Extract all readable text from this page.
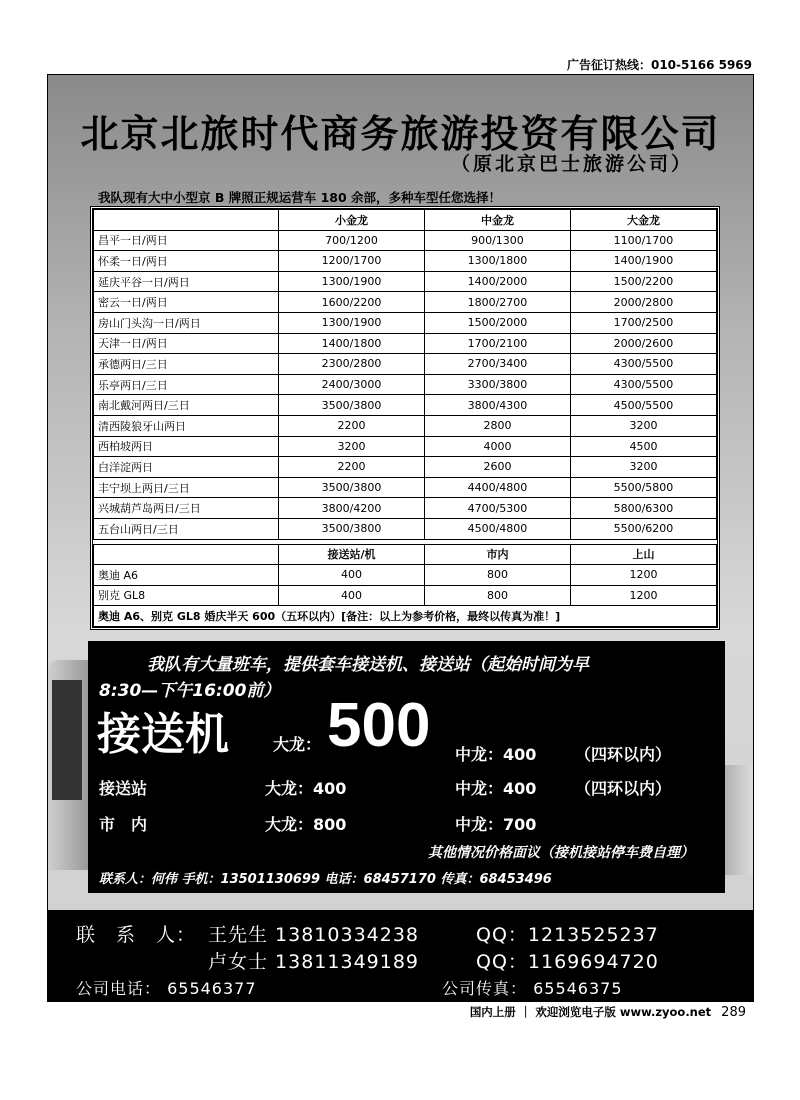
广告征订热线：010-5166 5969
北京北旅时代商务旅游投资有限公司
（原北京巴士旅游公司）
我队现有大中小型京 B 牌照正规运营车 180 余部，多种车型任您选择！
	小金龙	中金龙	大金龙
昌平一日/两日	700/1200	900/1300	1100/1700
怀柔一日/两日	1200/1700	1300/1800	1400/1900
延庆平谷一日/两日	1300/1900	1400/2000	1500/2200
密云一日/两日	1600/2200	1800/2700	2000/2800
房山门头沟一日/两日	1300/1900	1500/2000	1700/2500
天津一日/两日	1400/1800	1700/2100	2000/2600
承德两日/三日	2300/2800	2700/3400	4300/5500
乐亭两日/三日	2400/3000	3300/3800	4300/5500
南北戴河两日/三日	3500/3800	3800/4300	4500/5500
清西陵狼牙山两日	2200	2800	3200
西柏坡两日	3200	4000	4500
白洋淀两日	2200	2600	3200
丰宁坝上两日/三日	3500/3800	4400/4800	5500/5800
兴城葫芦岛两日/三日	3800/4200	4700/5300	5800/6300
五台山两日/三日	3500/3800	4500/4800	5500/6200

	接送站/机	市内	上山
奥迪 A6	400	800	1200
别克 GL8	400	800	1200
奥迪 A6、别克 GL8 婚庆半天 600（五环以内）[备注：以上为参考价格，最终以传真为准！]			
我队有大量班车，提供套车接送机、接送站（起始时间为早
8:30—下午16:00前）
接送机	大龙： 500 中龙：400 （四环以内）
接送站	大龙：400	中龙：400 （四环以内）
市　内	大龙：800	中龙：700
其他情况价格面议（接机接站停车费自理）
联系人：何伟 手机：13501130699 电话：68457170 传真：68453496
联　系　人： 王先生 13810334238	QQ：1213525237
卢女士 13811349189	QQ：1169694720
公司电话： 65546377	公司传真： 65546375
国内上册 ｜ 欢迎浏览电子版 www.zyoo.net 289
